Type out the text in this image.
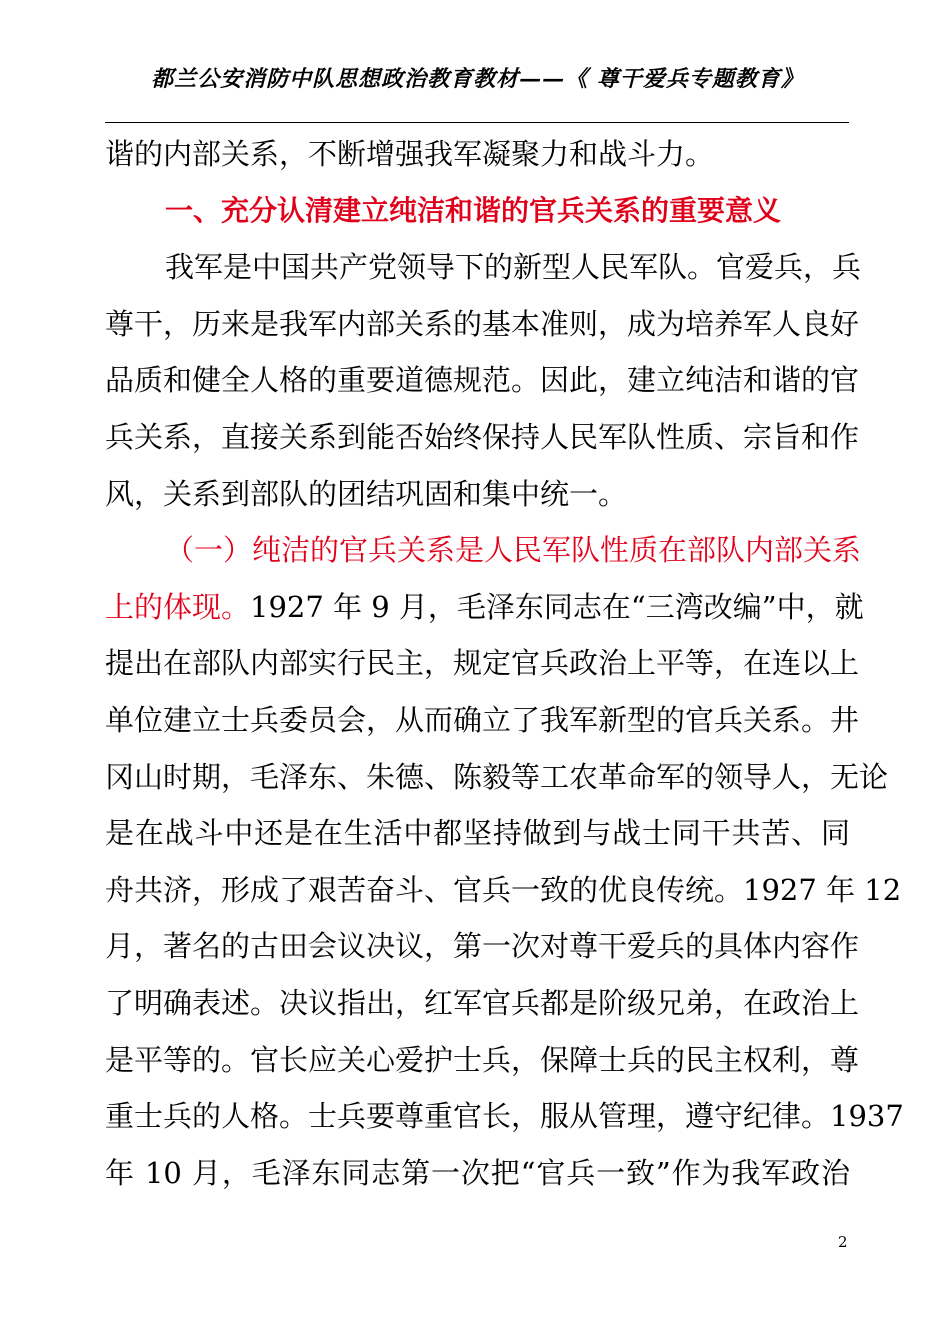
都兰公安消防中队思想政治教育教材——《 尊干爱兵专题教育》
谐的内部关系，不断增强我军凝聚力和战斗力。
一、充分认清建立纯洁和谐的官兵关系的重要意义
我军是中国共产党领导下的新型人民军队。官爱兵，兵
尊干，历来是我军内部关系的基本准则，成为培养军人良好
品质和健全人格的重要道德规范。因此，建立纯洁和谐的官
兵关系，直接关系到能否始终保持人民军队性质、宗旨和作
风，关系到部队的团结巩固和集中统一。
（一）纯洁的官兵关系是人民军队性质在部队内部关系
上的体现。1927 年 9 月，毛泽东同志在“三湾改编”中，就
提出在部队内部实行民主，规定官兵政治上平等，在连以上
单位建立士兵委员会，从而确立了我军新型的官兵关系。井
冈山时期，毛泽东、朱德、陈毅等工农革命军的领导人，无论
是在战斗中还是在生活中都坚持做到与战士同干共苦、同
舟共济，形成了艰苦奋斗、官兵一致的优良传统。1927 年 12
月，著名的古田会议决议，第一次对尊干爱兵的具体内容作
了明确表述。决议指出，红军官兵都是阶级兄弟，在政治上
是平等的。官长应关心爱护士兵，保障士兵的民主权利，尊
重士兵的人格。士兵要尊重官长，服从管理，遵守纪律。1937
年 10 月，毛泽东同志第一次把“官兵一致”作为我军政治
2
